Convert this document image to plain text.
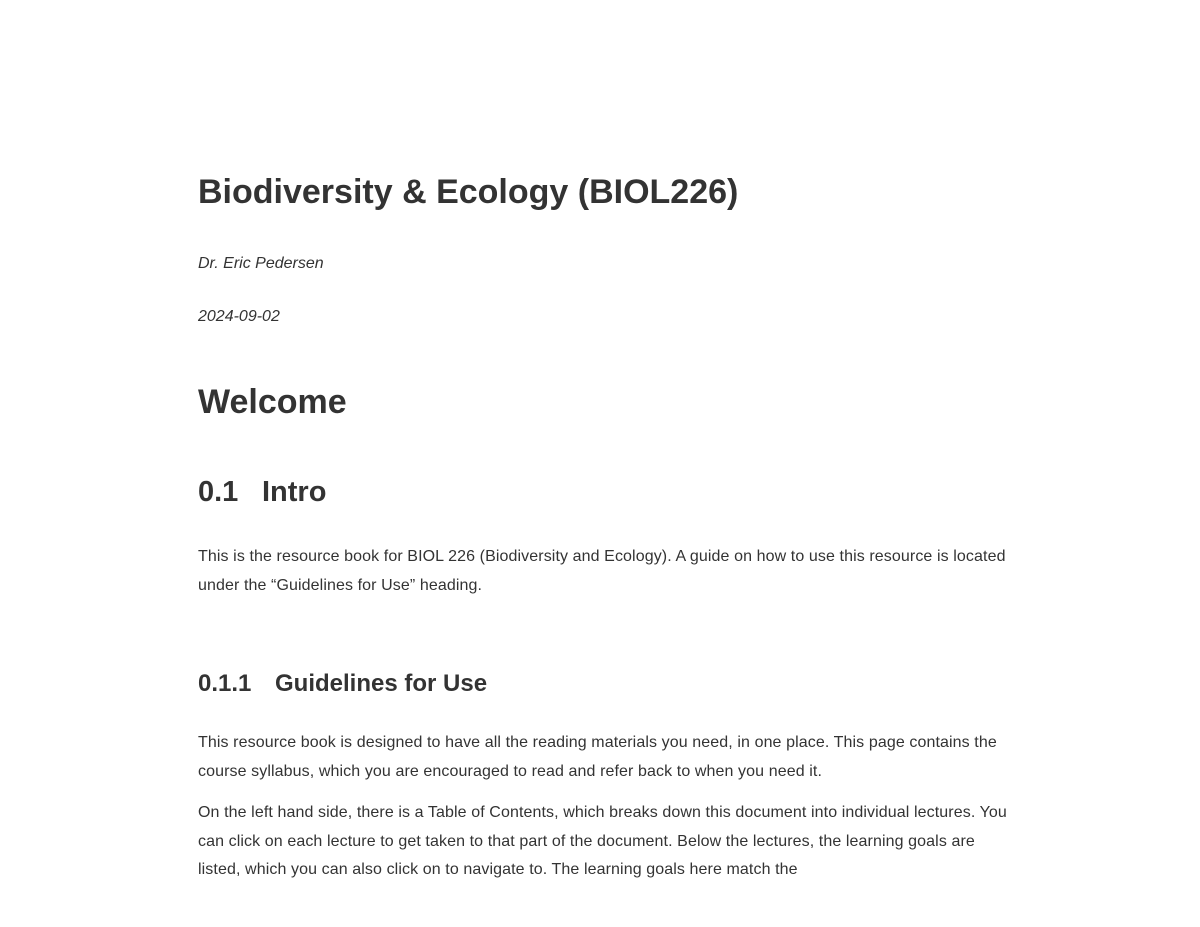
Biodiversity & Ecology (BIOL226)

Dr. Eric Pedersen

2024-09-02

Welcome
0.1 Intro

This is the resource book for BIOL 226 (Biodiversity and Ecology). A guide on how to use this resource is located under the “Guidelines for Use” heading.

0.1.1 Guidelines for Use

This resource book is designed to have all the reading materials you need, in one place. This page contains the course syllabus, which you are encouraged to read and refer back to when you need it.

On the left hand side, there is a Table of Contents, which breaks down this document into individual lectures. You can click on each lecture to get taken to that part of the document. Below the lectures, the learning goals are listed, which you can also click on to navigate to. The learning goals here match the
